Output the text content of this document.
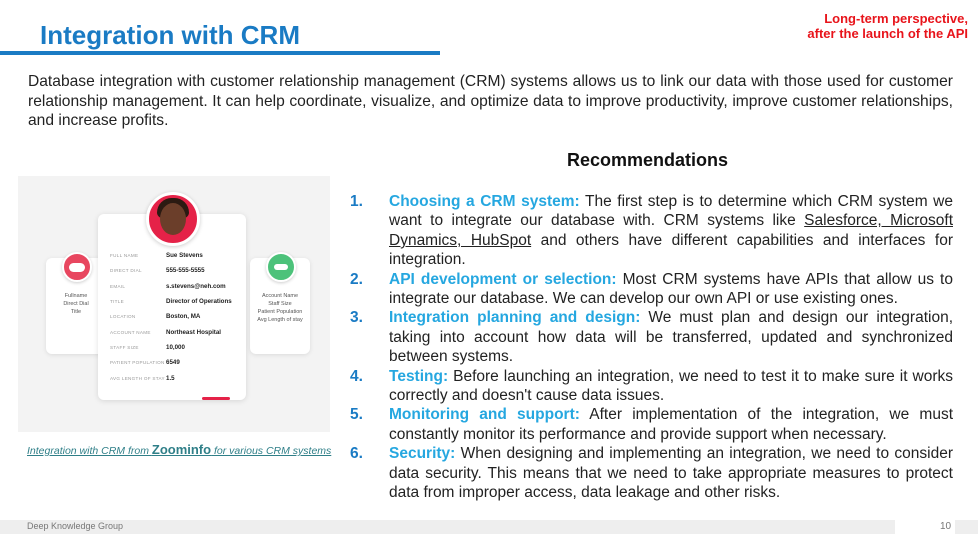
Integration with CRM
Long-term perspective,
after the launch of the API
Database integration with customer relationship management (CRM) systems allows us to link our data with those used for customer relationship management. It can help coordinate, visualize, and optimize data to improve productivity, improve customer relationships, and increase profits.
Recommendations
1.	Choosing a CRM system: The first step is to determine which CRM system we want to integrate our database with. CRM systems like Salesforce, Microsoft Dynamics, HubSpot and others have different capabilities and interfaces for integration.
2.	API development or selection: Most CRM systems have APIs that allow us to integrate our database. We can develop our own API or use existing ones.
3.	Integration planning and design: We must plan and design our integration, taking into account how data will be transferred, updated and synchronized between systems.
4.	Testing: Before launching an integration, we need to test it to make sure it works correctly and doesn't cause data issues.
5.	Monitoring and support: After implementation of the integration, we must constantly monitor its performance and provide support when necessary.
6.	Security: When designing and implementing an integration, we need to consider data security. This means that we need to take appropriate measures to protect data from improper access, data leakage and other risks.
Fullname
Direct Dial
Title
Account Name
Staff Size
Patient Population
Avg Length of stay
FULL NAME	Sue Stevens
DIRECT DIAL	555-555-5555
EMAIL	s.stevens@neh.com
TITLE	Director of Operations
LOCATION	Boston, MA
ACCOUNT NAME	Northeast Hospital
STAFF SIZE	10,000
PATIENT POPULATION 6549
AVG LENGTH OF STAY 1.5
Integration with CRM from Zoominfo for various CRM systems
Deep Knowledge Group	10
